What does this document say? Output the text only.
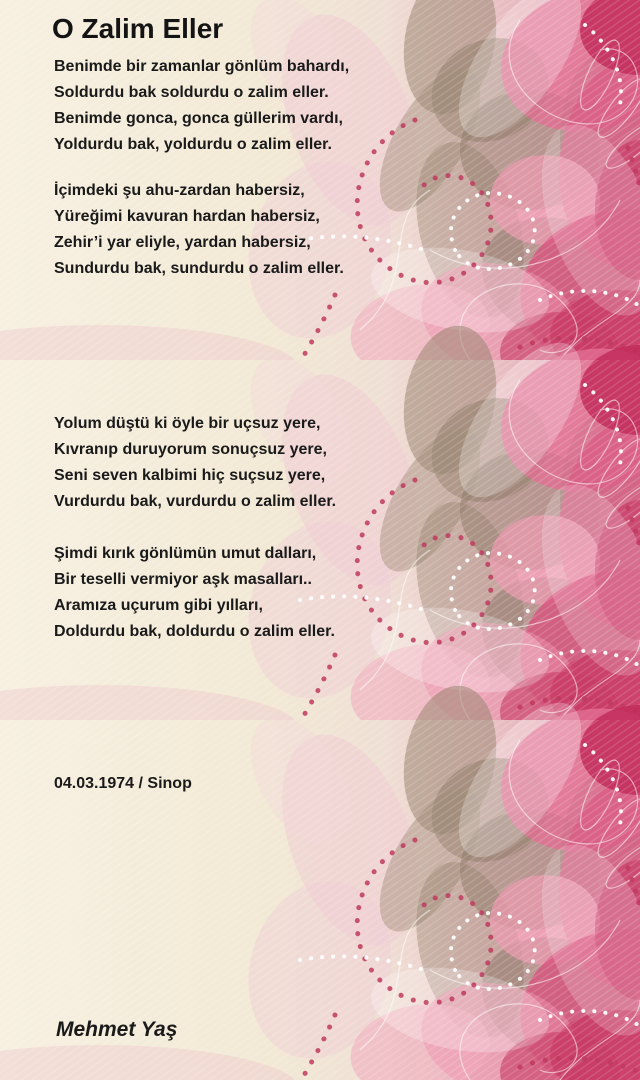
O Zalim Eller
Benimde bir zamanlar gönlüm bahardı,
Soldurdu bak soldurdu o zalim eller.
Benimde gonca, gonca güllerim vardı,
Yoldurdu bak, yoldurdu o zalim eller.
İçimdeki şu ahu-zardan habersiz,
Yüreğimi kavuran hardan habersiz,
Zehir’i yar eliyle, yardan habersiz,
Sundurdu bak, sundurdu o zalim eller.
Yolum düştü ki öyle bir uçsuz yere,
Kıvranıp duruyorum sonuçsuz yere,
Seni seven kalbimi hiç suçsuz yere,
Vurdurdu bak, vurdurdu o zalim eller.
Şimdi kırık gönlümün umut dalları,
Bir teselli vermiyor aşk masalları..
Aramıza uçurum gibi yılları,
Doldurdu bak, doldurdu o zalim eller.
04.03.1974 / Sinop
Mehmet Yaş
